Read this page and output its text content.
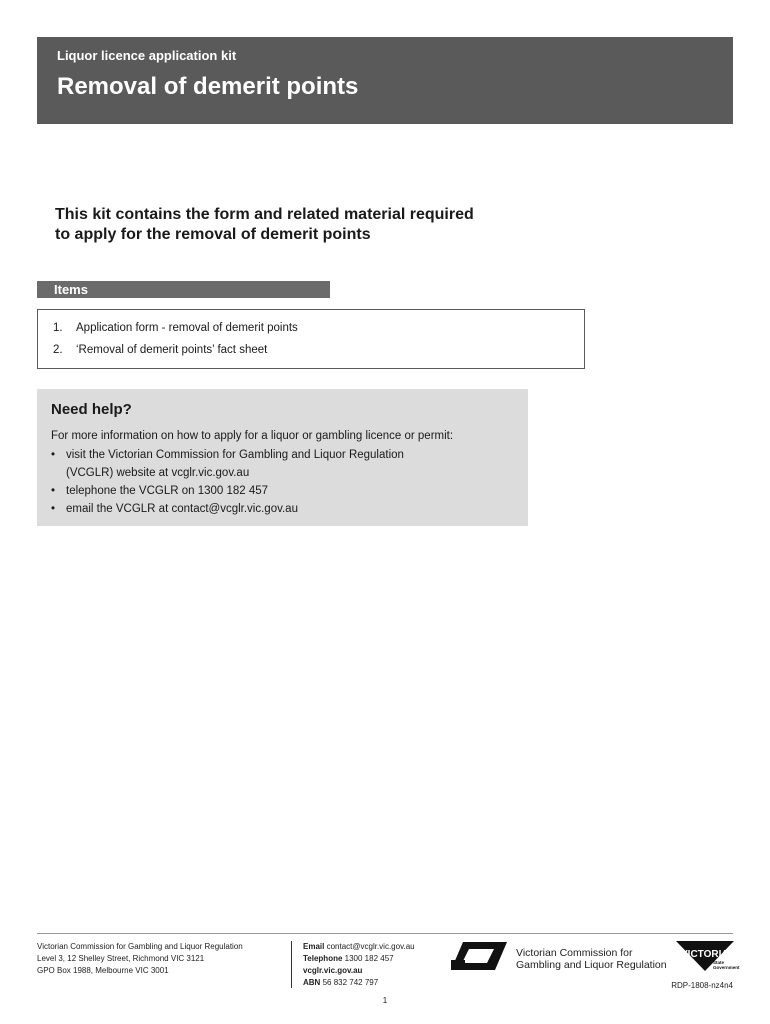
Liquor licence application kit
Removal of demerit points
This kit contains the form and related material required
to apply for the removal of demerit points
Items
1. Application form - removal of demerit points
2. ‘Removal of demerit points’ fact sheet
Need help?
For more information on how to apply for a liquor or gambling licence or permit:
• visit the Victorian Commission for Gambling and Liquor Regulation
(VCGLR) website at vcglr.vic.gov.au
• telephone the VCGLR on 1300 182 457
• email the VCGLR at contact@vcglr.vic.gov.au
Victorian Commission for Gambling and Liquor Regulation
Level 3, 12 Shelley Street, Richmond VIC 3121
GPO Box 1988, Melbourne VIC 3001
Email contact@vcglr.vic.gov.au
Telephone 1300 182 457
vcglr.vic.gov.au
ABN 56 832 742 797
Victorian Commission for
Gambling and Liquor Regulation
VICTORIA
State
Government
RDP-1808-nz4n4
1
